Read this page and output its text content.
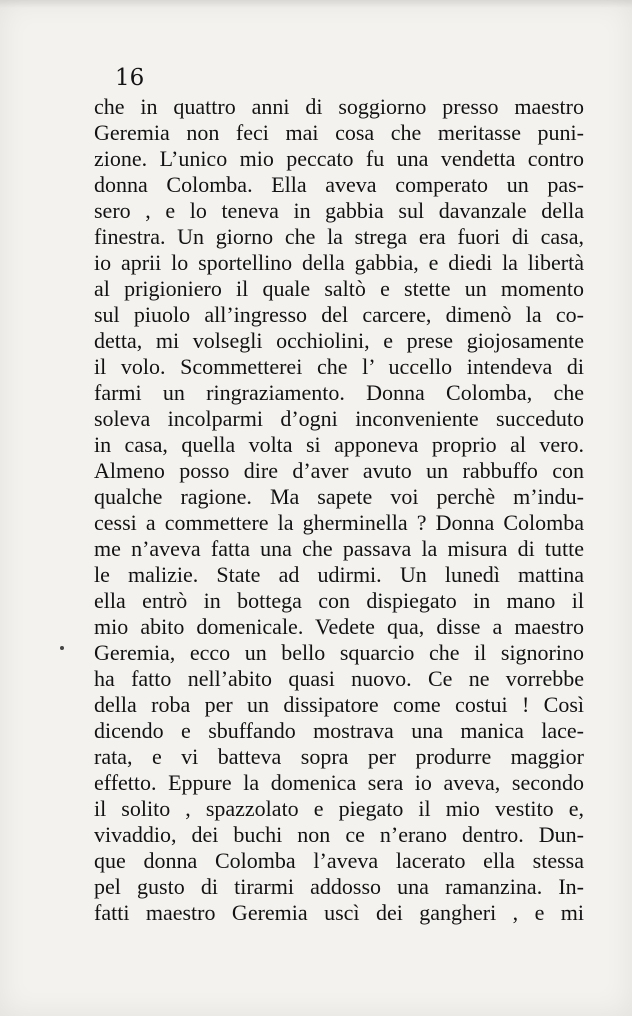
16
che in quattro anni di soggiorno presso maestro
Geremia non feci mai cosa che meritasse puni-
zione. L’unico mio peccato fu una vendetta contro
donna Colomba. Ella aveva comperato un pas-
sero , e lo teneva in gabbia sul davanzale della
finestra. Un giorno che la strega era fuori di casa,
io aprii lo sportellino della gabbia, e diedi la libertà
al prigioniero il quale saltò e stette un momento
sul piuolo all’ingresso del carcere, dimenò la co-
detta, mi volsegli occhiolini, e prese giojosamente
il volo. Scommetterei che l’ uccello intendeva di
farmi un ringraziamento. Donna Colomba, che
soleva incolparmi d’ogni inconveniente succeduto
in casa, quella volta si apponeva proprio al vero.
Almeno posso dire d’aver avuto un rabbuffo con
qualche ragione. Ma sapete voi perchè m’indu-
cessi a commettere la gherminella ? Donna Colomba
me n’aveva fatta una che passava la misura di tutte
le malizie. State ad udirmi. Un lunedì mattina
ella entrò in bottega con dispiegato in mano il
mio abito domenicale. Vedete qua, disse a maestro
Geremia, ecco un bello squarcio che il signorino
ha fatto nell’abito quasi nuovo. Ce ne vorrebbe
della roba per un dissipatore come costui ! Così
dicendo e sbuffando mostrava una manica lace-
rata, e vi batteva sopra per produrre maggior
effetto. Eppure la domenica sera io aveva, secondo
il solito , spazzolato e piegato il mio vestito e,
vivaddio, dei buchi non ce n’erano dentro. Dun-
que donna Colomba l’aveva lacerato ella stessa
pel gusto di tirarmi addosso una ramanzina. In-
fatti maestro Geremia uscì dei gangheri , e mi
